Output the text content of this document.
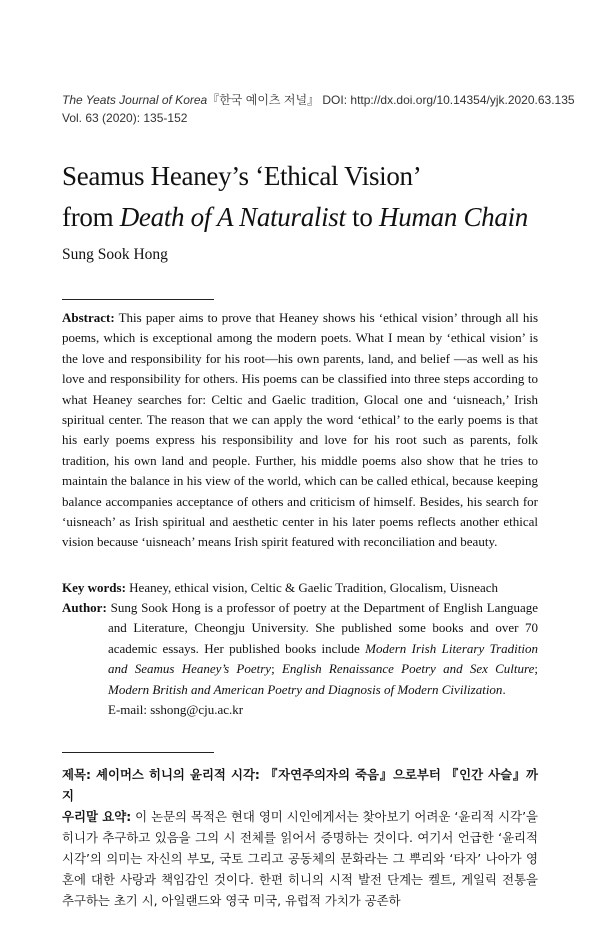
The Yeats Journal of Korea『한국 예이츠 저널』 DOI: http://dx.doi.org/10.14354/yjk.2020.63.135
Vol. 63 (2020): 135-152
Seamus Heaney’s ‘Ethical Vision’
from Death of A Naturalist to Human Chain
Sung Sook Hong
Abstract: This paper aims to prove that Heaney shows his ‘ethical vision’ through all his poems, which is exceptional among the modern poets. What I mean by ‘ethical vision’ is the love and responsibility for his root—his own parents, land, and belief —as well as his love and responsibility for others. His poems can be classified into three steps according to what Heaney searches for: Celtic and Gaelic tradition, Glocal one and ‘uisneach,’ Irish spiritual center. The reason that we can apply the word ‘ethical’ to the early poems is that his early poems express his responsibility and love for his root such as parents, folk tradition, his own land and people. Further, his middle poems also show that he tries to maintain the balance in his view of the world, which can be called ethical, because keeping balance accompanies acceptance of others and criticism of himself. Besides, his search for ‘uisneach’ as Irish spiritual and aesthetic center in his later poems reflects another ethical vision because ‘uisneach’ means Irish spirit featured with reconciliation and beauty.
Key words: Heaney, ethical vision, Celtic & Gaelic Tradition, Glocalism, Uisneach
Author: Sung Sook Hong is a professor of poetry at the Department of English Language and Literature, Cheongju University. She published some books and over 70 academic essays. Her published books include Modern Irish Literary Tradition and Seamus Heaney’s Poetry; English Renaissance Poetry and Sex Culture; Modern British and American Poetry and Diagnosis of Modern Civilization.
E-mail: sshong@cju.ac.kr
제목: 셰이머스 히니의 윤리적 시각: 『자연주의자의 죽음』으로부터 『인간 사슬』까지
우리말 요약: 이 논문의 목적은 현대 영미 시인에게서는 찾아보기 어려운 ‘윤리적 시각’을 히니가 추구하고 있음을 그의 시 전체를 읽어서 증명하는 것이다. 여기서 언급한 ‘윤리적 시각’의 의미는 자신의 부모, 국토 그리고 공동체의 문화라는 그 뿌리와 ‘타자’ 나아가 영혼에 대한 사랑과 책임감인 것이다. 한편 히니의 시적 발전 단계는 켈트, 게일릭 전통을 추구하는 초기 시, 아일랜드와 영국 미국, 유럽적 가치가 공존하
